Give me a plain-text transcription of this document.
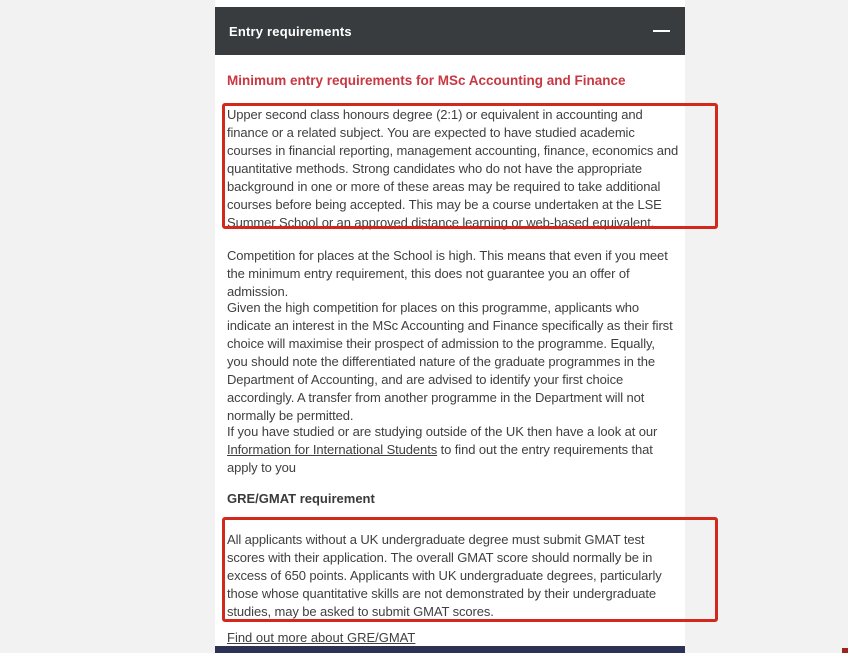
Entry requirements
Minimum entry requirements for MSc Accounting and Finance

Upper second class honours degree (2:1) or equivalent in accounting and finance or a related subject. You are expected to have studied academic courses in financial reporting, management accounting, finance, economics and quantitative methods. Strong candidates who do not have the appropriate background in one or more of these areas may be required to take additional courses before being accepted. This may be a course undertaken at the LSE Summer School or an approved distance learning or web-based equivalent.

Competition for places at the School is high. This means that even if you meet the minimum entry requirement, this does not guarantee you an offer of admission.

Given the high competition for places on this programme, applicants who indicate an interest in the MSc Accounting and Finance specifically as their first choice will maximise their prospect of admission to the programme. Equally, you should note the differentiated nature of the graduate programmes in the Department of Accounting, and are advised to identify your first choice accordingly. A transfer from another programme in the Department will not normally be permitted.

If you have studied or are studying outside of the UK then have a look at our Information for International Students to find out the entry requirements that apply to you

GRE/GMAT requirement

All applicants without a UK undergraduate degree must submit GMAT test scores with their application. The overall GMAT score should normally be in excess of 650 points. Applicants with UK undergraduate degrees, particularly those whose quantitative skills are not demonstrated by their undergraduate studies, may be asked to submit GMAT scores.

Find out more about GRE/GMAT
